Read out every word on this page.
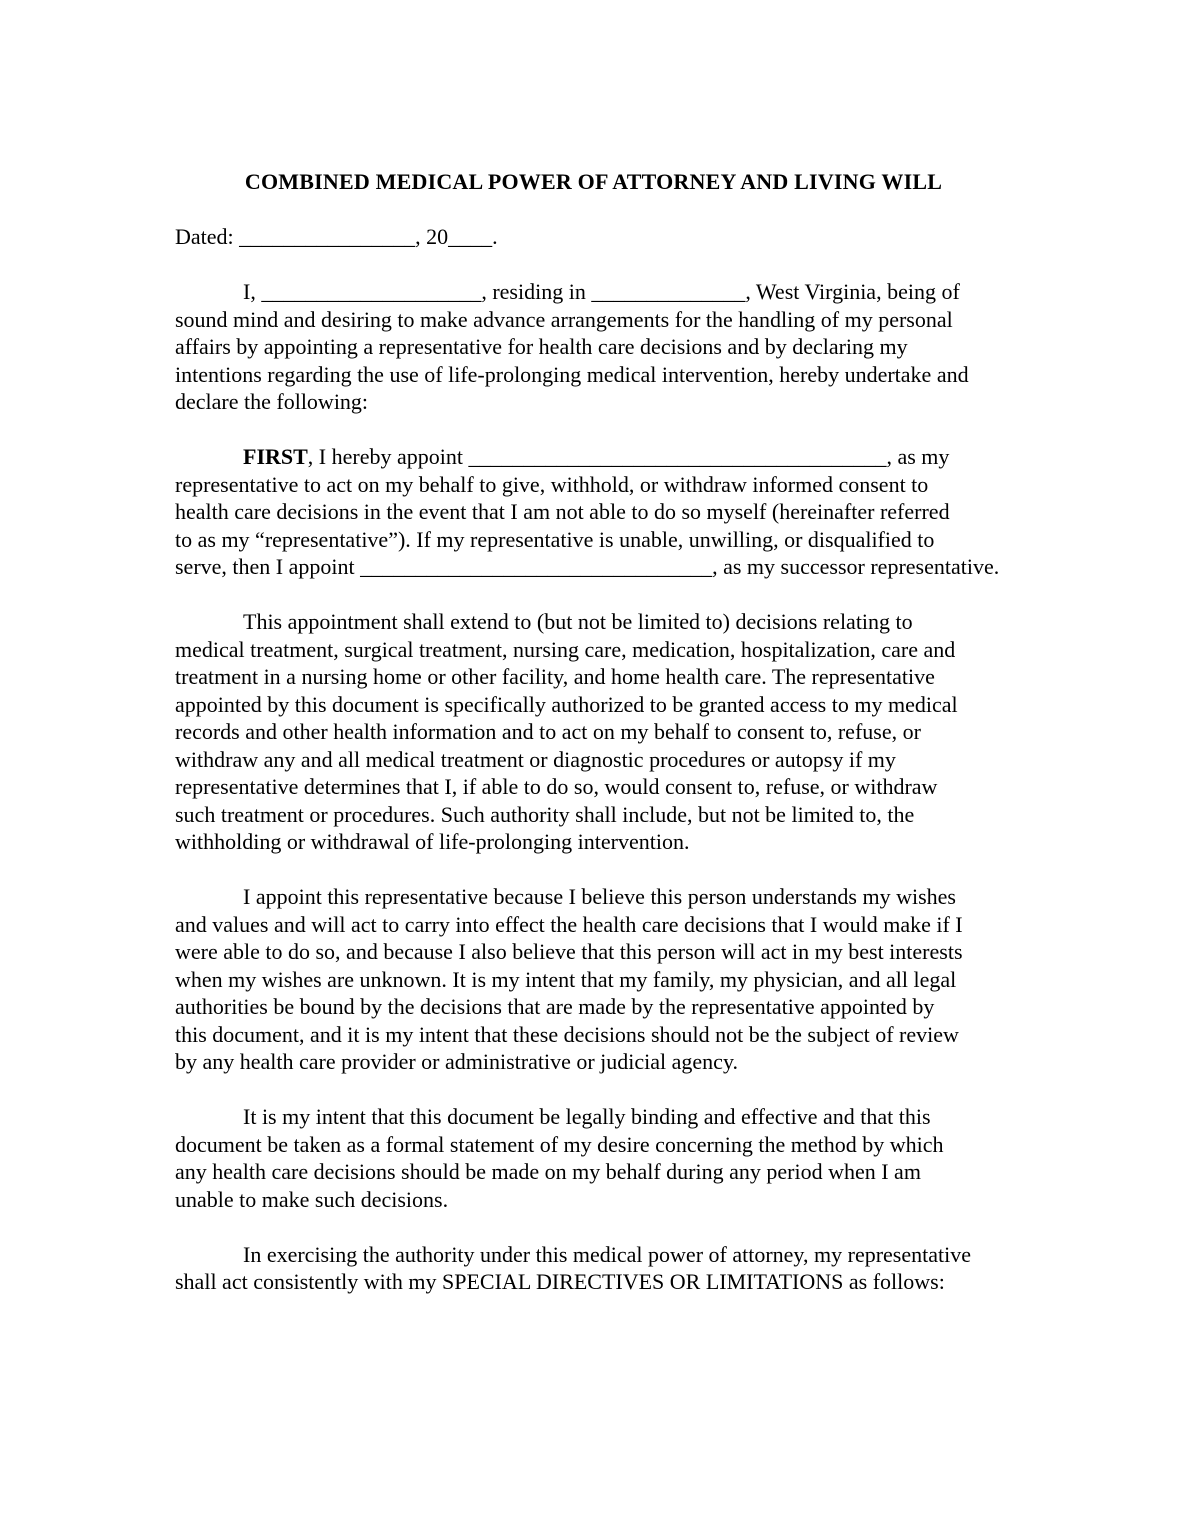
COMBINED MEDICAL POWER OF ATTORNEY AND LIVING WILL
Dated: ________________, 20____.
I, ____________________, residing in ______________, West Virginia, being of
sound mind and desiring to make advance arrangements for the handling of my personal
affairs by appointing a representative for health care decisions and by declaring my
intentions regarding the use of life-prolonging medical intervention, hereby undertake and
declare the following:
FIRST, I hereby appoint ______________________________________, as my
representative to act on my behalf to give, withhold, or withdraw informed consent to
health care decisions in the event that I am not able to do so myself (hereinafter referred
to as my “representative”). If my representative is unable, unwilling, or disqualified to
serve, then I appoint ________________________________, as my successor representative.
This appointment shall extend to (but not be limited to) decisions relating to
medical treatment, surgical treatment, nursing care, medication, hospitalization, care and
treatment in a nursing home or other facility, and home health care. The representative
appointed by this document is specifically authorized to be granted access to my medical
records and other health information and to act on my behalf to consent to, refuse, or
withdraw any and all medical treatment or diagnostic procedures or autopsy if my
representative determines that I, if able to do so, would consent to, refuse, or withdraw
such treatment or procedures. Such authority shall include, but not be limited to, the
withholding or withdrawal of life-prolonging intervention.
I appoint this representative because I believe this person understands my wishes
and values and will act to carry into effect the health care decisions that I would make if I
were able to do so, and because I also believe that this person will act in my best interests
when my wishes are unknown. It is my intent that my family, my physician, and all legal
authorities be bound by the decisions that are made by the representative appointed by
this document, and it is my intent that these decisions should not be the subject of review
by any health care provider or administrative or judicial agency.
It is my intent that this document be legally binding and effective and that this
document be taken as a formal statement of my desire concerning the method by which
any health care decisions should be made on my behalf during any period when I am
unable to make such decisions.
In exercising the authority under this medical power of attorney, my representative
shall act consistently with my SPECIAL DIRECTIVES OR LIMITATIONS as follows:
